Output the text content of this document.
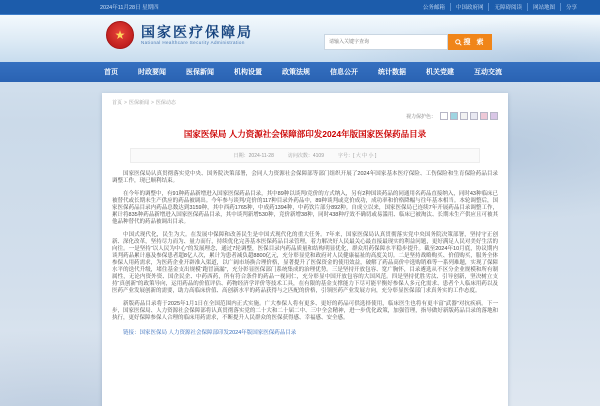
2024年11月28日 星期四	公务邮箱	中国政府网	无障碍阅读	网站地图	分享
★	国家医疗保障局
National Healthcare Security Administration
请输入关键字查询	搜 索
首页	时政要闻	医保新闻	机构设置	政策法规	信息公开	统计数据	机关党建	互动交流
首页 > 医保新闻 > 医保动态
视力保护色：
国家医保局 人力资源社会保障部印发2024年版国家医保药品目录
日期：2024-11-28	访问次数：4109	字号：[ 大 中 小 ]

国家医保局认真贯彻落实党中央、国务院决策部署，会同人力资源社会保障部等部门组织开展了2024年国家基本医疗保险、工伤保险和生育保险药品目录调整工作，现已顺利结束。

在今年的调整中，有91种药品新增进入国家医保药品目录，其中89种以谈判/竞价的方式纳入，另有2种国谈药品的同通用名药品直接纳入，同时43种临床已被替代或长期未生产供应的药品被调出。今年参与谈判/竞价的117种目录外药品中，89种谈判或竞价成功，成功率和价格降幅与往年基本相当。本轮调整后，国家医保药品目录内药品总数达到3159种，其中西药1765种，中成药1394种，中药饮片部分892种。自成立以来，国家医保局已连续7年开展药品目录调整工作，累计将835种药品新增进入国家医保药品目录，其中谈判新增530种，竞价新增38种，同时438种疗效不确切或易滥用、临床已被淘汰、长期未生产供应且可被其他品种替代的药品被调出目录。

中国式现代化，民生为大。在发展中保障和改善民生是中国式现代化的重大任务。7年来，国家医保局认真贯彻落实党中央国务院决策部署，坚持守正创新、深化改革，坚持尽力而为、量力而行，持续优化完善基本医保药品目录管理，着力解决好人民最关心最直接最现实的利益问题，更好满足人民对美好生活的向往。一是坚持“以人民为中心”的发展理念，通过7轮调整，医保目录内药品质量和结构明显优化，群众用药保障水平稳步提升。截至2024年10月底，协议期内谈判药品累计惠及参保患者超8亿人次，累计为患者减负超8800亿元，充分彰显党和政府对人民健康福祉的高度关切。二是坚持战略购买、价值购买，服务全体参保人用药需求，为医药企业开辟准入渠道，以广阔市场换合理价格，显著提升了医保资金的使用效益，破解了药品高价中选购销难等一系列难题，实现了保障水平的迭代升级，堵住基金支出规模“跑冒滴漏”，充分彰显医保部门系统集成的治理优势。三是坚持开放包容、宽广胸怀，目录遴选从不区分企业规模和所有制属性，无论内资外资、国企民企、中药西药，所有符合条件的药品一视同仁，充分彰显中国开放包容的大国风范。四是坚持优胜劣汰、引导创新，坚决树立支持“真创新”的政策导向，运用药品的价值评估、药物经济学评价等技术工具，在有限的基金支撑能力下尽可能平衡好参保人多元化需求、患者个人临床用药以及医药产业发展创新的需要，助力高临床价值、高创新水平的药品获得与之匹配的价格，引领医药产业发展方向，充分彰显医保部门求真务实的工作态度。

新版药品目录将于2025年1月1日在全国范围内正式实施。广大参保人将有更多、更好的药品可供选择使用，临床医生也将有更丰富“武器”对抗疾病。下一步，国家医保局、人力资源社会保障部将认真贯彻落实党的二十大和二十届二中、三中全会精神，进一步优化政策，加强管理，指导做好新版药品目录的落地和执行，更好保障参保人合理的临床用药需求，不断提升人民群众的医保获得感、幸福感、安全感。

链接：国家医保局 人力资源社会保障部印发2024年版国家医保药品目录
